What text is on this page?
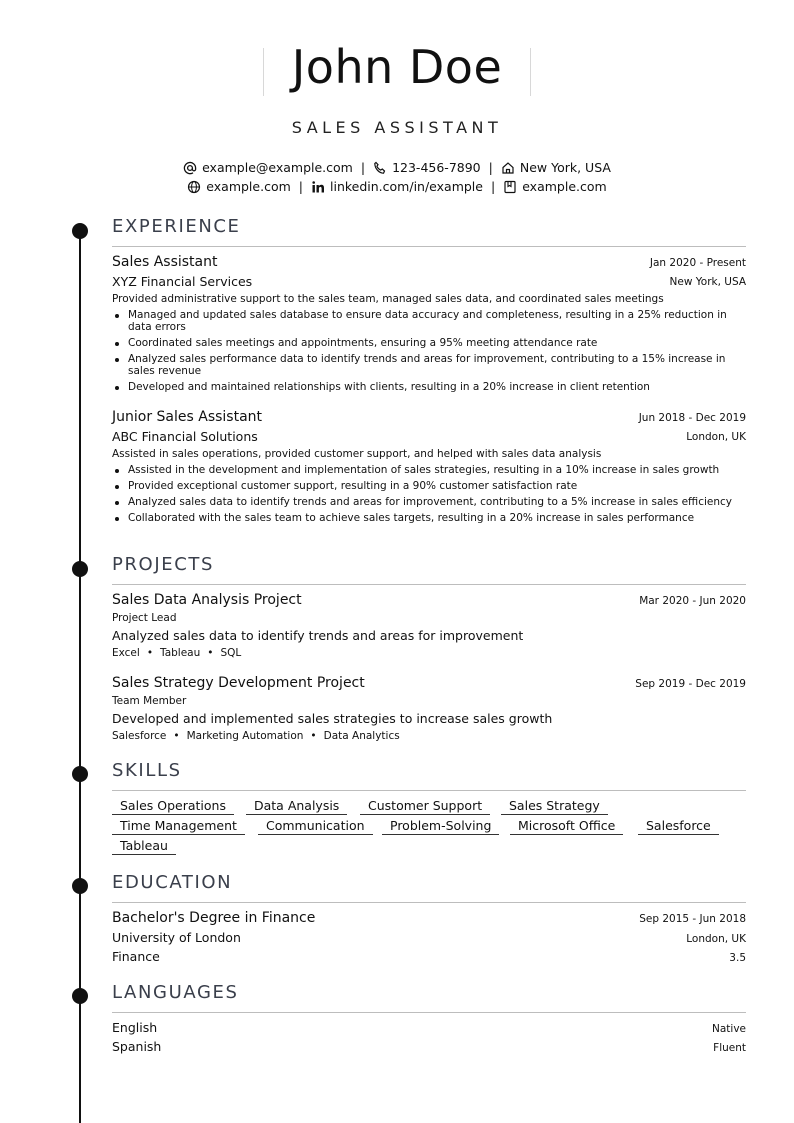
John Doe
SALES ASSISTANT
example@example.com | 123-456-7890 | New York, USA
example.com | linkedin.com/in/example | example.com
EXPERIENCE
Sales Assistant	Jan 2020 - Present
XYZ Financial Services	New York, USA
Provided administrative support to the sales team, managed sales data, and coordinated sales meetings
Managed and updated sales database to ensure data accuracy and completeness, resulting in a 25% reduction in data errors
Coordinated sales meetings and appointments, ensuring a 95% meeting attendance rate
Analyzed sales performance data to identify trends and areas for improvement, contributing to a 15% increase in sales revenue
Developed and maintained relationships with clients, resulting in a 20% increase in client retention
Junior Sales Assistant	Jun 2018 - Dec 2019
ABC Financial Solutions	London, UK
Assisted in sales operations, provided customer support, and helped with sales data analysis
Assisted in the development and implementation of sales strategies, resulting in a 10% increase in sales growth
Provided exceptional customer support, resulting in a 90% customer satisfaction rate
Analyzed sales data to identify trends and areas for improvement, contributing to a 5% increase in sales efficiency
Collaborated with the sales team to achieve sales targets, resulting in a 20% increase in sales performance
PROJECTS
Sales Data Analysis Project	Mar 2020 - Jun 2020
Project Lead
Analyzed sales data to identify trends and areas for improvement
Excel • Tableau • SQL
Sales Strategy Development Project	Sep 2019 - Dec 2019
Team Member
Developed and implemented sales strategies to increase sales growth
Salesforce • Marketing Automation • Data Analytics
SKILLS
Sales Operations	Data Analysis	Customer Support	Sales Strategy
Time Management	Communication	Problem-Solving	Microsoft Office	Salesforce
Tableau
EDUCATION
Bachelor's Degree in Finance	Sep 2015 - Jun 2018
University of London	London, UK
Finance	3.5
LANGUAGES
English	Native
Spanish	Fluent
